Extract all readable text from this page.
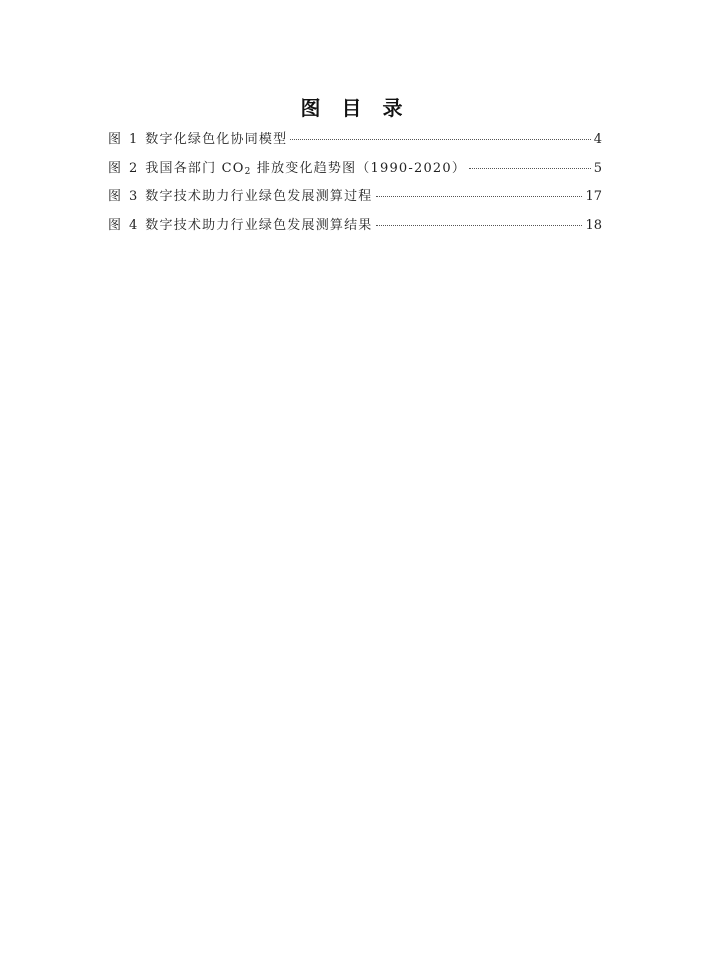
图 目 录
图 1 数字化绿色化协同模型	4
图 2 我国各部门 $CO_2$ 排放变化趋势图（1990-2020）	5
图 3 数字技术助力行业绿色发展测算过程	17
图 4 数字技术助力行业绿色发展测算结果	18
